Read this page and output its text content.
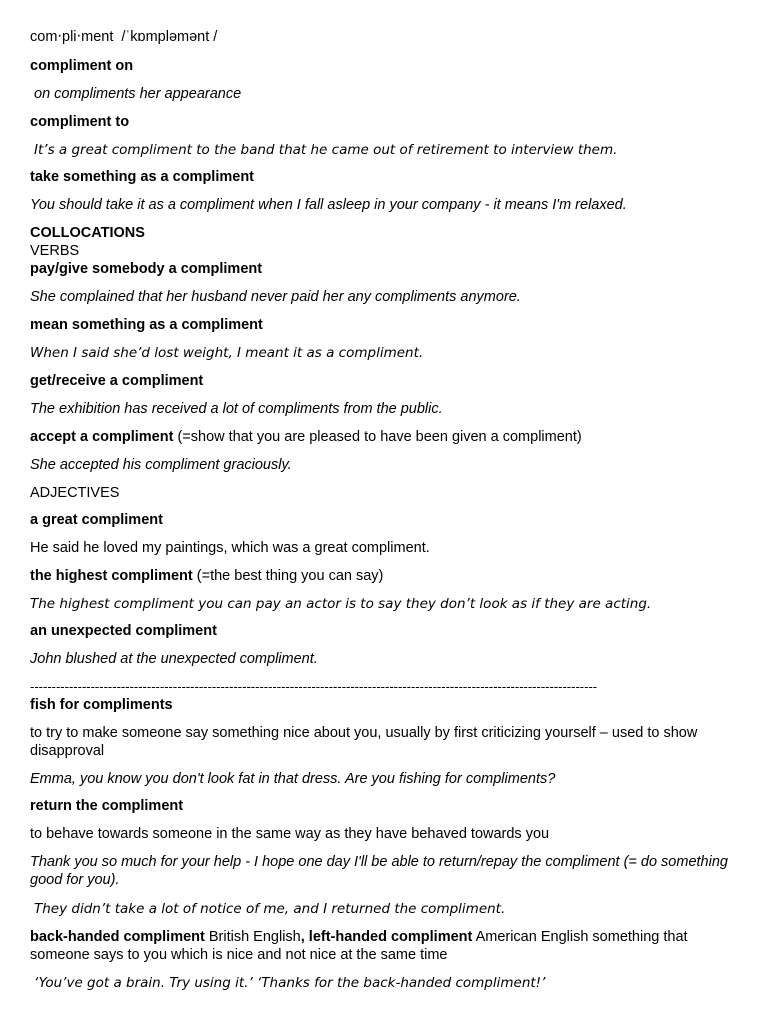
com‧pli‧ment /ˈkɒmpləmənt /
compliment on
on compliments her appearance
compliment to
It’s a great compliment to the band that he came out of retirement to interview them.
take something as a compliment
You should take it as a compliment when I fall asleep in your company - it means I'm relaxed.
COLLOCATIONS
VERBS
pay/give somebody a compliment
She complained that her husband never paid her any compliments anymore.
mean something as a compliment
When I said she’d lost weight, I meant it as a compliment.
get/receive a compliment
The exhibition has received a lot of compliments from the public.
accept a compliment (=show that you are pleased to have been given a compliment)
She accepted his compliment graciously.
ADJECTIVES
a great compliment
He said he loved my paintings, which was a great compliment.
the highest compliment (=the best thing you can say)
The highest compliment you can pay an actor is to say they don’t look as if they are acting.
an unexpected compliment
John blushed at the unexpected compliment.
-----------------------------------------------------------------------------------------------------------------------------------
fish for compliments
to try to make someone say something nice about you, usually by first criticizing yourself – used to show disapproval
Emma, you know you don't look fat in that dress. Are you fishing for compliments?
return the compliment
to behave towards someone in the same way as they have behaved towards you
Thank you so much for your help - I hope one day I'll be able to return/repay the compliment (= do something good for you).
They didn’t take a lot of notice of me, and I returned the compliment.
back-handed compliment British English, left-handed compliment American English something that someone says to you which is nice and not nice at the same time
‘You’ve got a brain. Try using it.’ ‘Thanks for the back-handed compliment!’
